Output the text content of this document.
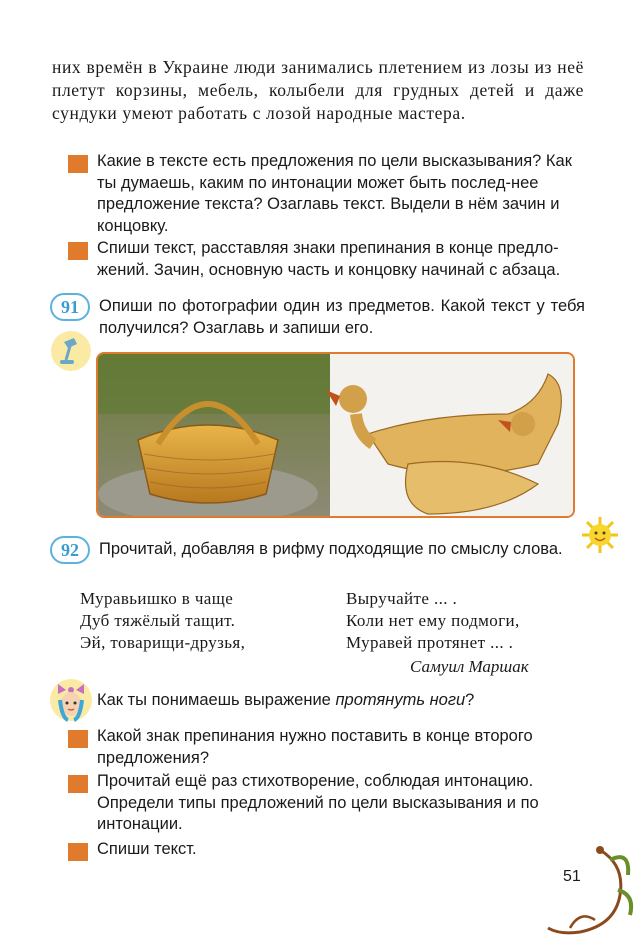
них времён в Украине люди занимались плетением из лозы из неё плетут корзины, мебель, колыбели для грудных детей и даже сундуки умеют работать с лозой народные мастера.
Какие в тексте есть предложения по цели высказывания? Как ты думаешь, каким по интонации может быть послед-нее предложение текста? Озаглавь текст. Выдели в нём зачин и концовку.
Спиши текст, расставляя знаки препинания в конце предло-жений. Зачин, основную часть и концовку начинай с абзаца.
91	Опиши по фотографии один из предметов. Какой текст у тебя получился? Озаглавь и запиши его.
92	Прочитай, добавляя в рифму подходящие по смыслу слова.
Муравьишко в чаще
Дуб тяжёлый тащит.
Эй, товарищи-друзья,
Выручайте ... .
Коли нет ему подмоги,
Муравей протянет ... .
Самуил Маршак
Как ты понимаешь выражение протянуть ноги?
Какой знак препинания нужно поставить в конце второго предложения?
Прочитай ещё раз стихотворение, соблюдая интонацию. Определи типы предложений по цели высказывания и по интонации.
Спиши текст.
51
